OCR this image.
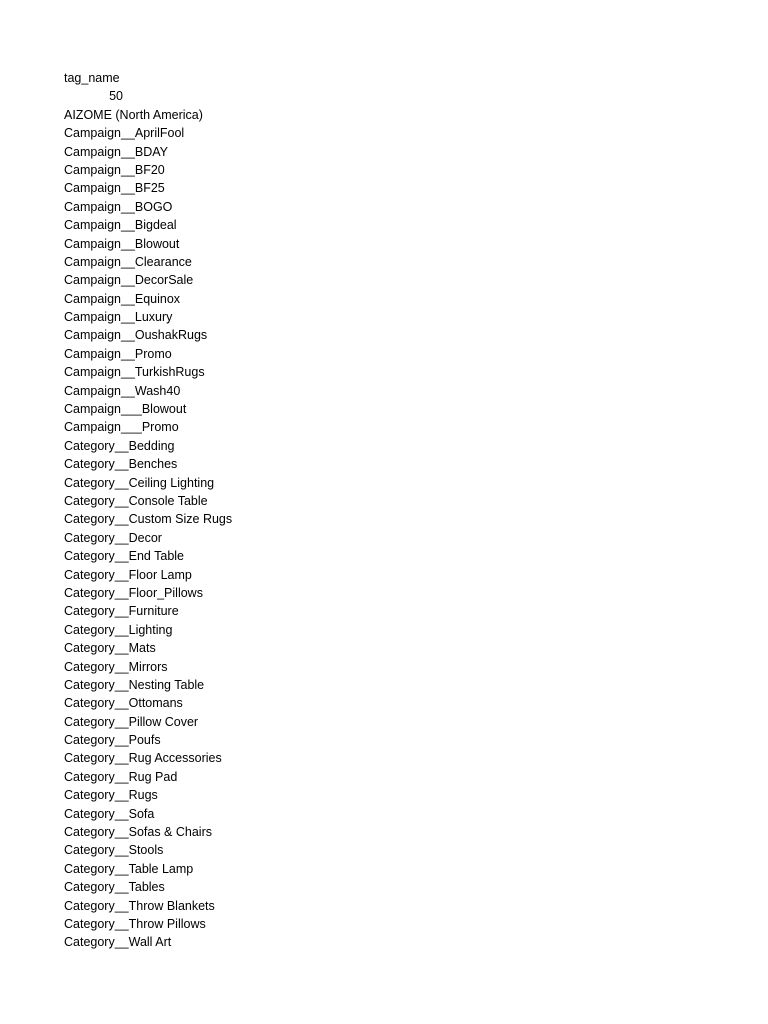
tag_name
50
AIZOME (North America)
Campaign__AprilFool
Campaign__BDAY
Campaign__BF20
Campaign__BF25
Campaign__BOGO
Campaign__Bigdeal
Campaign__Blowout
Campaign__Clearance
Campaign__DecorSale
Campaign__Equinox
Campaign__Luxury
Campaign__OushakRugs
Campaign__Promo
Campaign__TurkishRugs
Campaign__Wash40
Campaign___Blowout
Campaign___Promo
Category__Bedding
Category__Benches
Category__Ceiling Lighting
Category__Console Table
Category__Custom Size Rugs
Category__Decor
Category__End Table
Category__Floor Lamp
Category__Floor_Pillows
Category__Furniture
Category__Lighting
Category__Mats
Category__Mirrors
Category__Nesting Table
Category__Ottomans
Category__Pillow Cover
Category__Poufs
Category__Rug Accessories
Category__Rug Pad
Category__Rugs
Category__Sofa
Category__Sofas & Chairs
Category__Stools
Category__Table Lamp
Category__Tables
Category__Throw Blankets
Category__Throw Pillows
Category__Wall Art
